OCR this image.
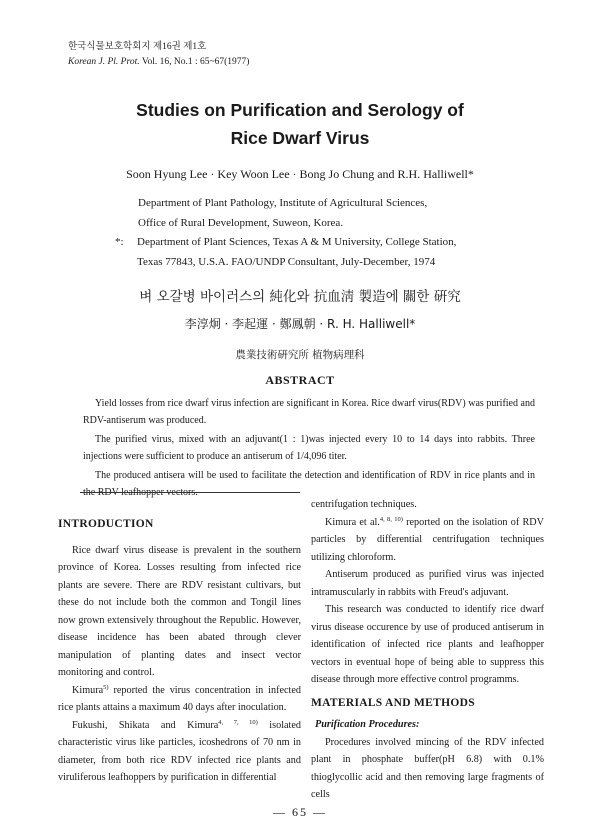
한국식물보호학회지 제16권 제1호
Korean J. Pl. Prot. Vol. 16, No.1 : 65~67(1977)
Studies on Purification and Serology of
Rice Dwarf Virus
Soon Hyung Lee · Key Woon Lee · Bong Jo Chung and R.H. Halliwell*
Department of Plant Pathology, Institute of Agricultural Sciences,
Office of Rural Development, Suweon, Korea.
*: Department of Plant Sciences, Texas A & M University, College Station,
Texas 77843, U.S.A. FAO/UNDP Consultant, July-December, 1974
벼 오갈병 바이러스의 純化와 抗血淸 製造에 關한 硏究
李淳炯 · 李起運 · 鄭鳳朝 · R. H. Halliwell*
農業技術硏究所 植物病理科
ABSTRACT

Yield losses from rice dwarf virus infection are significant in Korea. Rice dwarf virus(RDV) was purified and RDV-antiserum was produced.

The purified virus, mixed with an adjuvant(1 : 1)was injected every 10 to 14 days into rabbits. Three injections were sufficient to produce an antiserum of 1/4,096 titer.

The produced antisera will be used to facilitate the detection and identification of RDV in rice plants and in the RDV leafhopper vectors.

INTRODUCTION

Rice dwarf virus disease is prevalent in the southern province of Korea. Losses resulting from infected rice plants are severe. There are RDV resistant cultivars, but these do not include both the common and Tongil lines now grown extensively throughout the Republic. However, disease incidence has been abated through clever manipulation of planting dates and insect vector monitoring and control.

Kimura$^{5)}$ reported the virus concentration in infected rice plants attains a maximum 40 days after inoculation.

Fukushi, Shikata and Kimura$^{4, 7, 10)}$ isolated characteristic virus like particles, icoshedrons of 70 nm in diameter, from both rice RDV infected rice plants and viruliferous leafhoppers by purification in differential

centrifugation techniques.

Kimura et al.$^{4, 8, 10)}$ reported on the isolation of RDV particles by differential centrifugation techniques utilizing chloroform.

Antiserum produced as purified virus was injected intramuscularly in rabbits with Freud's adjuvant.

This research was conducted to identify rice dwarf virus disease occurence by use of produced antiserum in identification of infected rice plants and leafhopper vectors in eventual hope of being able to suppress this disease through more effective control programms.

MATERIALS AND METHODS

Purification Procedures:

Procedures involved mincing of the RDV infected plant in phosphate buffer(pH 6.8) with 0.1% thioglycollic acid and then removing large fragments of cells

— 65 —
